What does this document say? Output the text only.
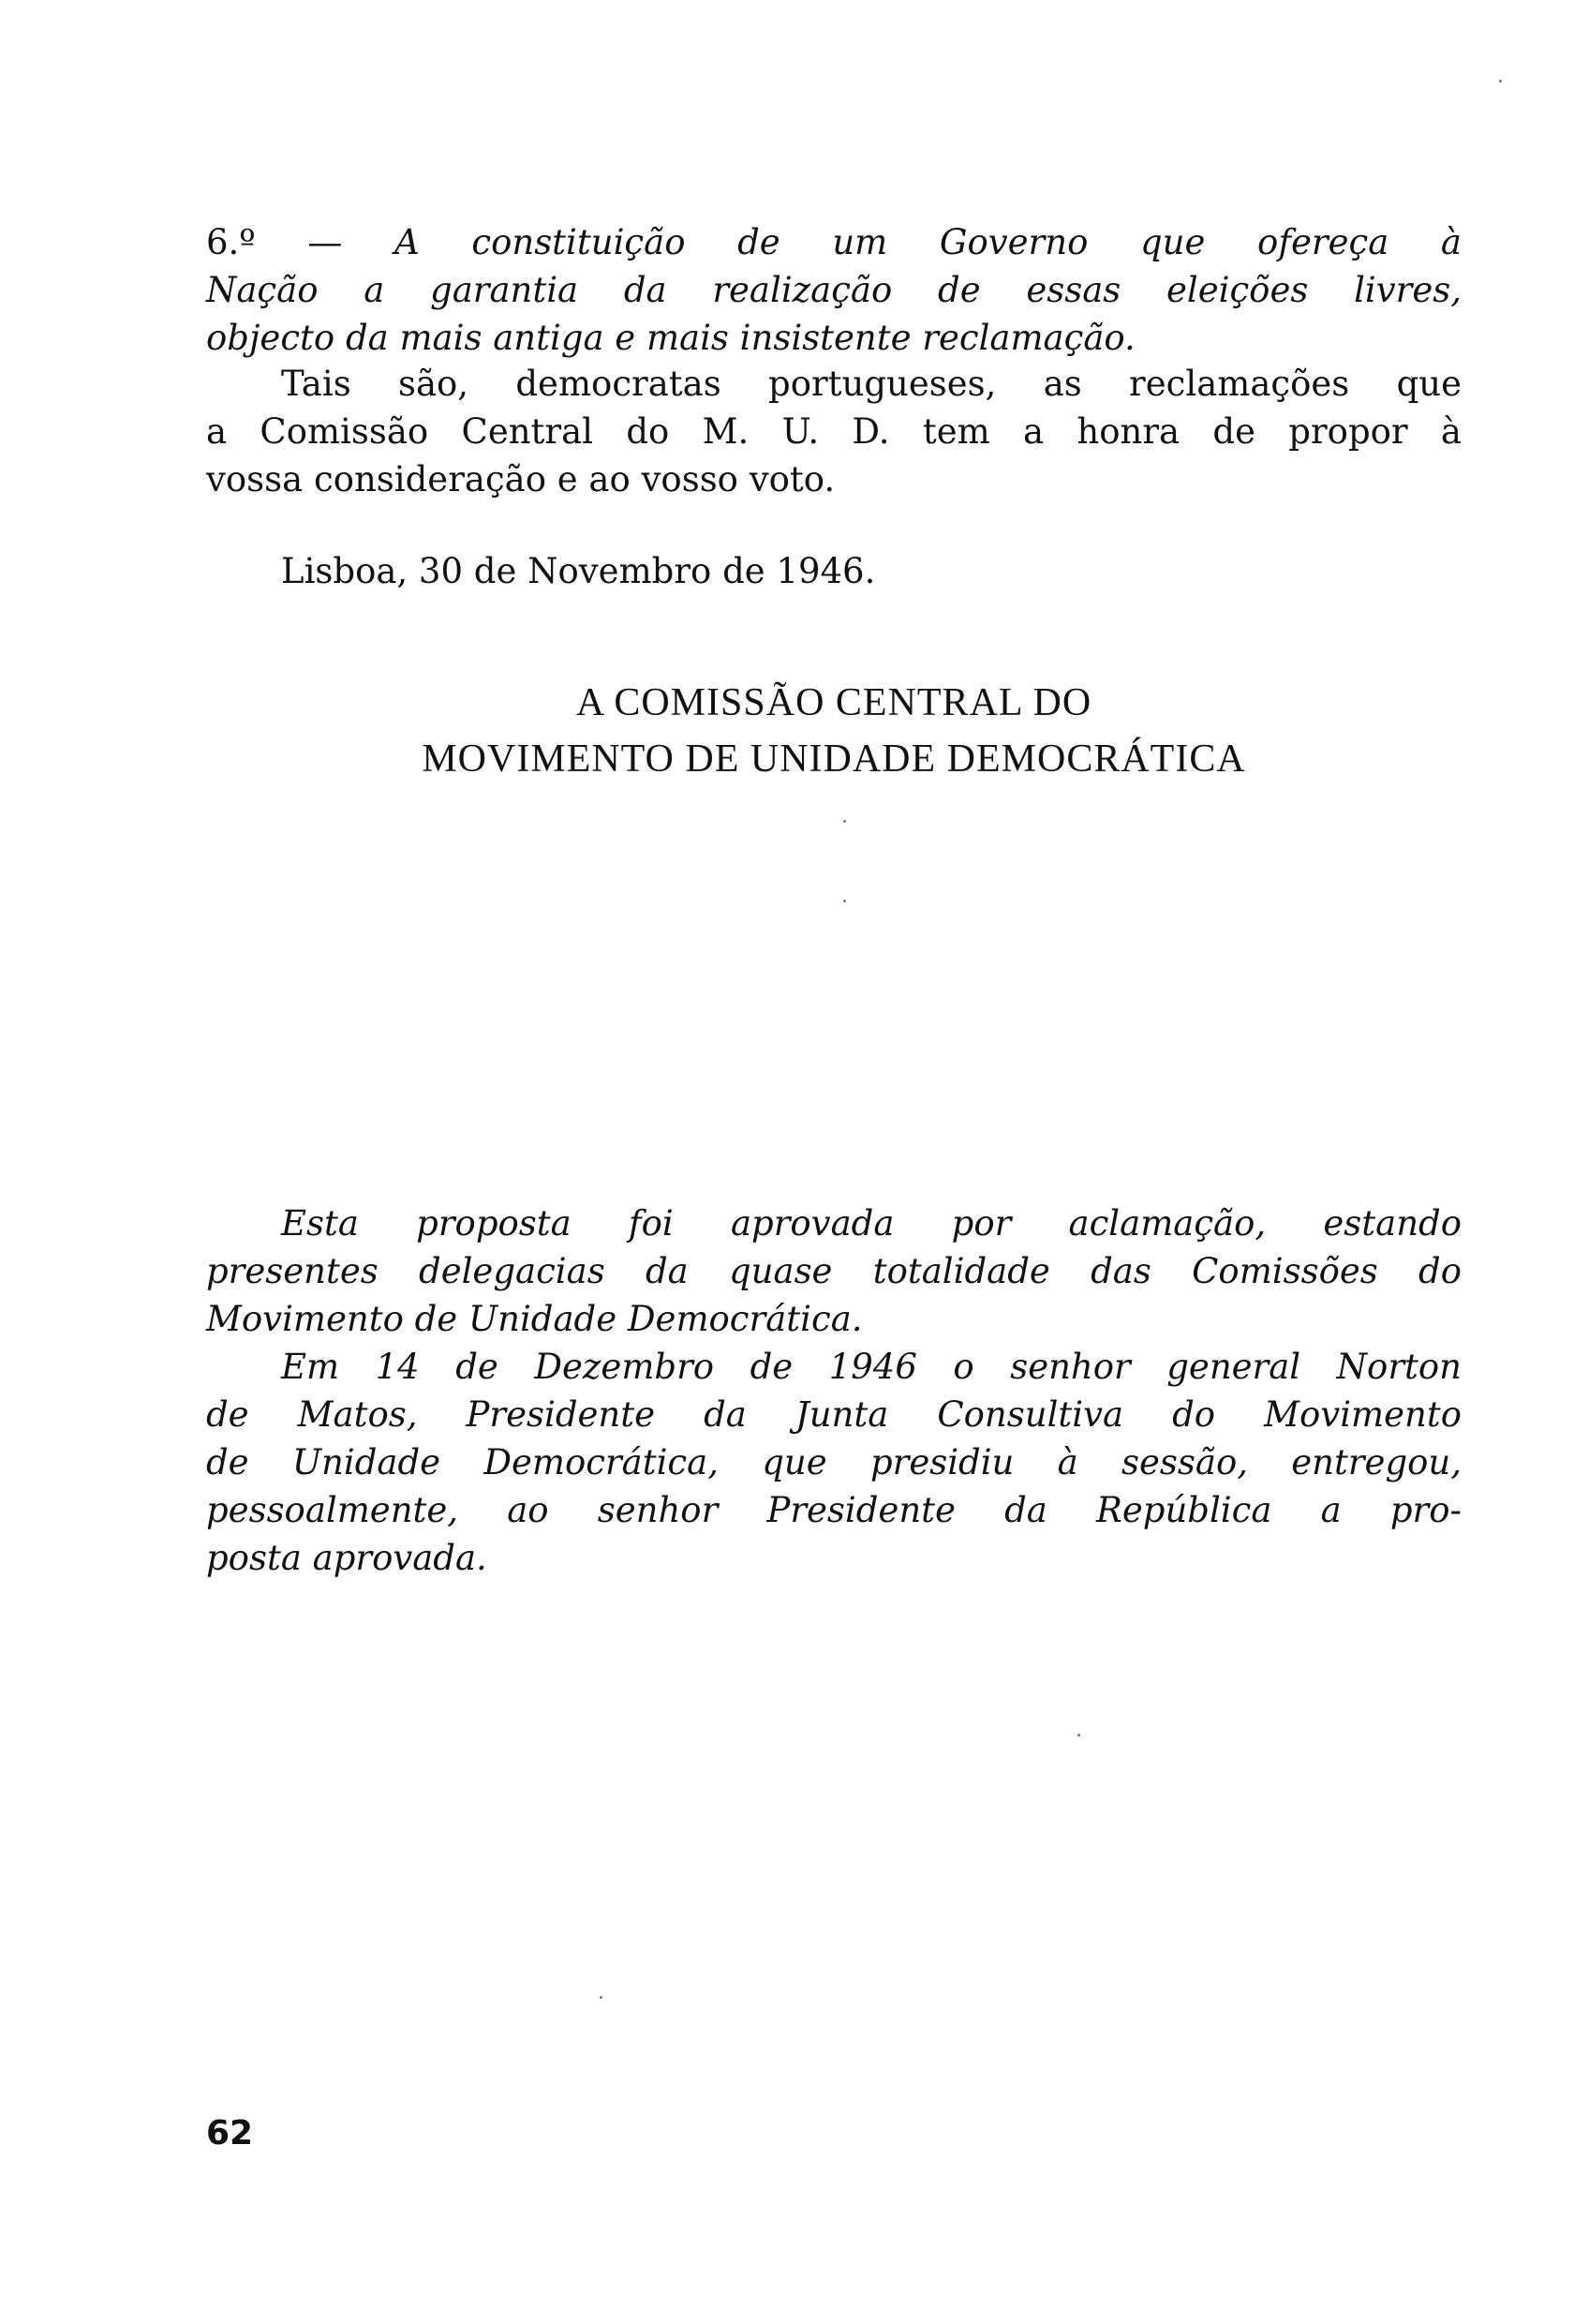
6.º — A constituição de um Governo que ofereça à
Nação a garantia da realização de essas eleições livres,
objecto da mais antiga e mais insistente reclamação.
Tais são, democratas portugueses, as reclamações que
a Comissão Central do M. U. D. tem a honra de propor à
vossa consideração e ao vosso voto.
Lisboa, 30 de Novembro de 1946.
A COMISSÃO CENTRAL DO
MOVIMENTO DE UNIDADE DEMOCRÁTICA
Esta proposta foi aprovada por aclamação, estando
presentes delegacias da quase totalidade das Comissões do
Movimento de Unidade Democrática.
Em 14 de Dezembro de 1946 o senhor general Norton
de Matos, Presidente da Junta Consultiva do Movimento
de Unidade Democrática, que presidiu à sessão, entregou,
pessoalmente, ao senhor Presidente da República a pro-
posta aprovada.
62
